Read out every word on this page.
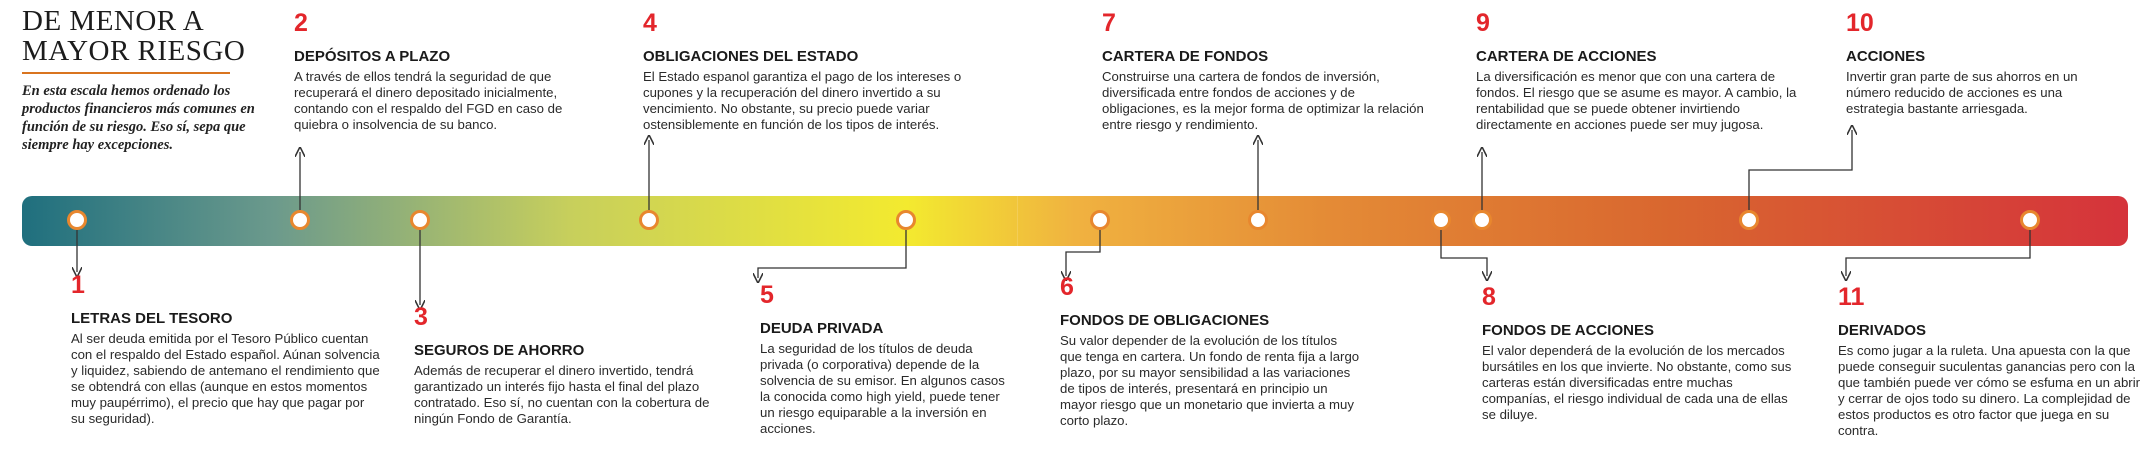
DE MENOR A
MAYOR RIESGO

En esta escala hemos ordenado los productos financieros más comunes en función de su riesgo. Eso sí, sepa que siempre hay excepciones.

2
DEPÓSITOS A PLAZO
A través de ellos tendrá la seguridad de que recuperará el dinero depositado inicialmente, contando con el respaldo del FGD en caso de quiebra o insolvencia de su banco.
4
OBLIGACIONES DEL ESTADO
El Estado espanol garantiza el pago de los intereses o cupones y la recuperación del dinero invertido a su vencimiento. No obstante, su precio puede variar ostensiblemente en función de los tipos de interés.
7
CARTERA DE FONDOS
Construirse una cartera de fondos de inversión, diversificada entre fondos de acciones y de obligaciones, es la mejor forma de optimizar la relación entre riesgo y rendimiento.
9
CARTERA DE ACCIONES
La diversificación es menor que con una cartera de fondos. El riesgo que se asume es mayor. A cambio, la rentabilidad que se puede obtener invirtiendo directamente en acciones puede ser muy jugosa.
10
ACCIONES
Invertir gran parte de sus ahorros en un número reducido de acciones es una estrategia bastante arriesgada.
1
LETRAS DEL TESORO
Al ser deuda emitida por el Tesoro Público cuentan con el respaldo del Estado español. Aúnan solvencia y liquidez, sabiendo de antemano el rendimiento que se obtendrá con ellas (aunque en estos momentos muy paupérrimo), el precio que hay que pagar por su seguridad).
3
SEGUROS DE AHORRO
Además de recuperar el dinero invertido, tendrá garantizado un interés fijo hasta el final del plazo contratado. Eso sí, no cuentan con la cobertura de ningún Fondo de Garantía.
5
DEUDA PRIVADA
La seguridad de los títulos de deuda privada (o corporativa) depende de la solvencia de su emisor. En algunos casos la conocida como high yield, puede tener un riesgo equiparable a la inversión en acciones.
6
FONDOS DE OBLIGACIONES
Su valor depender de la evolución de los títulos que tenga en cartera. Un fondo de renta fija a largo plazo, por su mayor sensibilidad a las variaciones de tipos de interés, presentará en principio un mayor riesgo que un monetario que invierta a muy corto plazo.
8
FONDOS DE ACCIONES
El valor dependerá de la evolución de los mercados bursátiles en los que invierte. No obstante, como sus carteras están diversificadas entre muchas companías, el riesgo individual de cada una de ellas se diluye.
11
DERIVADOS
Es como jugar a la ruleta. Una apuesta con la que puede conseguir suculentas ganancias pero con la que también puede ver cómo se esfuma en un abrir y cerrar de ojos todo su dinero. La complejidad de estos productos es otro factor que juega en su contra.
